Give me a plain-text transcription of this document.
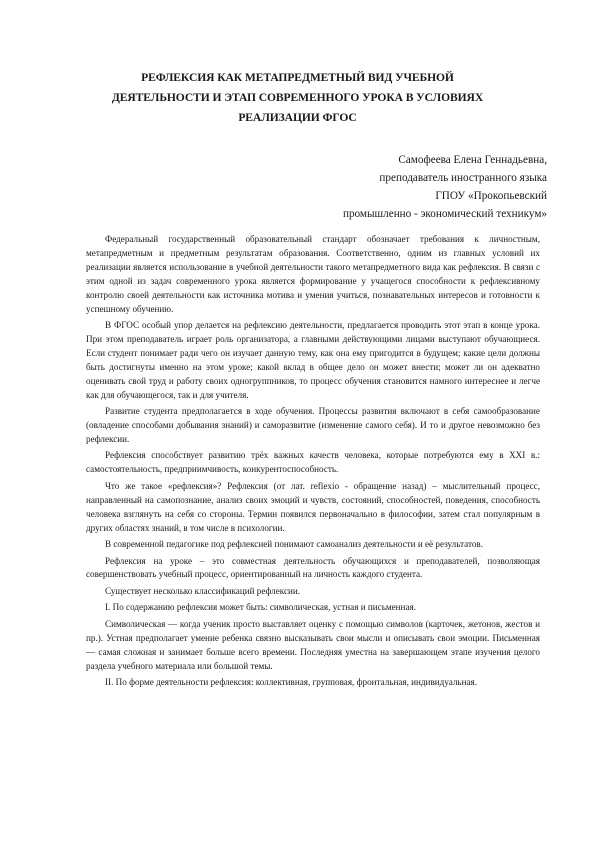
РЕФЛЕКСИЯ КАК МЕТАПРЕДМЕТНЫЙ ВИД УЧЕБНОЙ
ДЕЯТЕЛЬНОСТИ И ЭТАП СОВРЕМЕННОГО УРОКА В УСЛОВИЯХ
РЕАЛИЗАЦИИ ФГОС
Самофеева Елена Геннадьевна,
преподаватель иностранного языка
ГПОУ «Прокопьевский
промышленно - экономический техникум»

Федеральный государственный образовательный стандарт обозначает требования к личностным, метапредметным и предметным результатам образования. Соответственно, одним из главных условий их реализации является использование в учебной деятельности такого метапредметного вида как рефлексия. В связи с этим одной из задач современного урока является формирование у учащегося способности к рефлексивному контролю своей деятельности как источника мотива и умения учиться, познавательных интересов и готовности к успешному обучению.

В ФГОС особый упор делается на рефлексию деятельности, предлагается проводить этот этап в конце урока. При этом преподаватель играет роль организатора, а главными действующими лицами выступают обучающиеся. Если студент понимает ради чего он изучает данную тему, как она ему пригодится в будущем; какие цели должны быть достигнуты именно на этом уроке; какой вклад в общее дело он может внести; может ли он адекватно оценивать свой труд и работу своих одногруппников, то процесс обучения становится намного интереснее и легче как для обучающегося, так и для учителя.

Развитие студента предполагается в ходе обучения. Процессы развития включают в себя самообразование (овладение способами добывания знаний) и саморазвитие (изменение самого себя). И то и другое невозможно без рефлексии.

Рефлексия способствует развитию трёх важных качеств человека, которые потребуются ему в XXI в.: самостоятельность, предприимчивость, конкурентоспособность.

Что же такое «рефлексия»? Рефлексия (от лат. reflexio - обращение назад) – мыслительный процесс, направленный на самопознание, анализ своих эмоций и чувств, состояний, способностей, поведения, способность человека взглянуть на себя со стороны. Термин появился первоначально в философии, затем стал популярным в других областях знаний, в том числе в психологии.

В современной педагогике под рефлексией понимают самоанализ деятельности и её результатов.

Рефлексия на уроке – это совместная деятельность обучающихся и преподавателей, позволяющая совершенствовать учебный процесс, ориентированный на личность каждого студента.

Существует несколько классификаций рефлексии.

I. По содержанию рефлексия может быть: символическая, устная и письменная.

Символическая — когда ученик просто выставляет оценку с помощью символов (карточек, жетонов, жестов и пр.). Устная предполагает умение ребенка связно высказывать свои мысли и описывать свои эмоции. Письменная — самая сложная и занимает больше всего времени. Последняя уместна на завершающем этапе изучения целого раздела учебного материала или большой темы.

II. По форме деятельности рефлексия: коллективная, групповая, фронтальная, индивидуальная.
